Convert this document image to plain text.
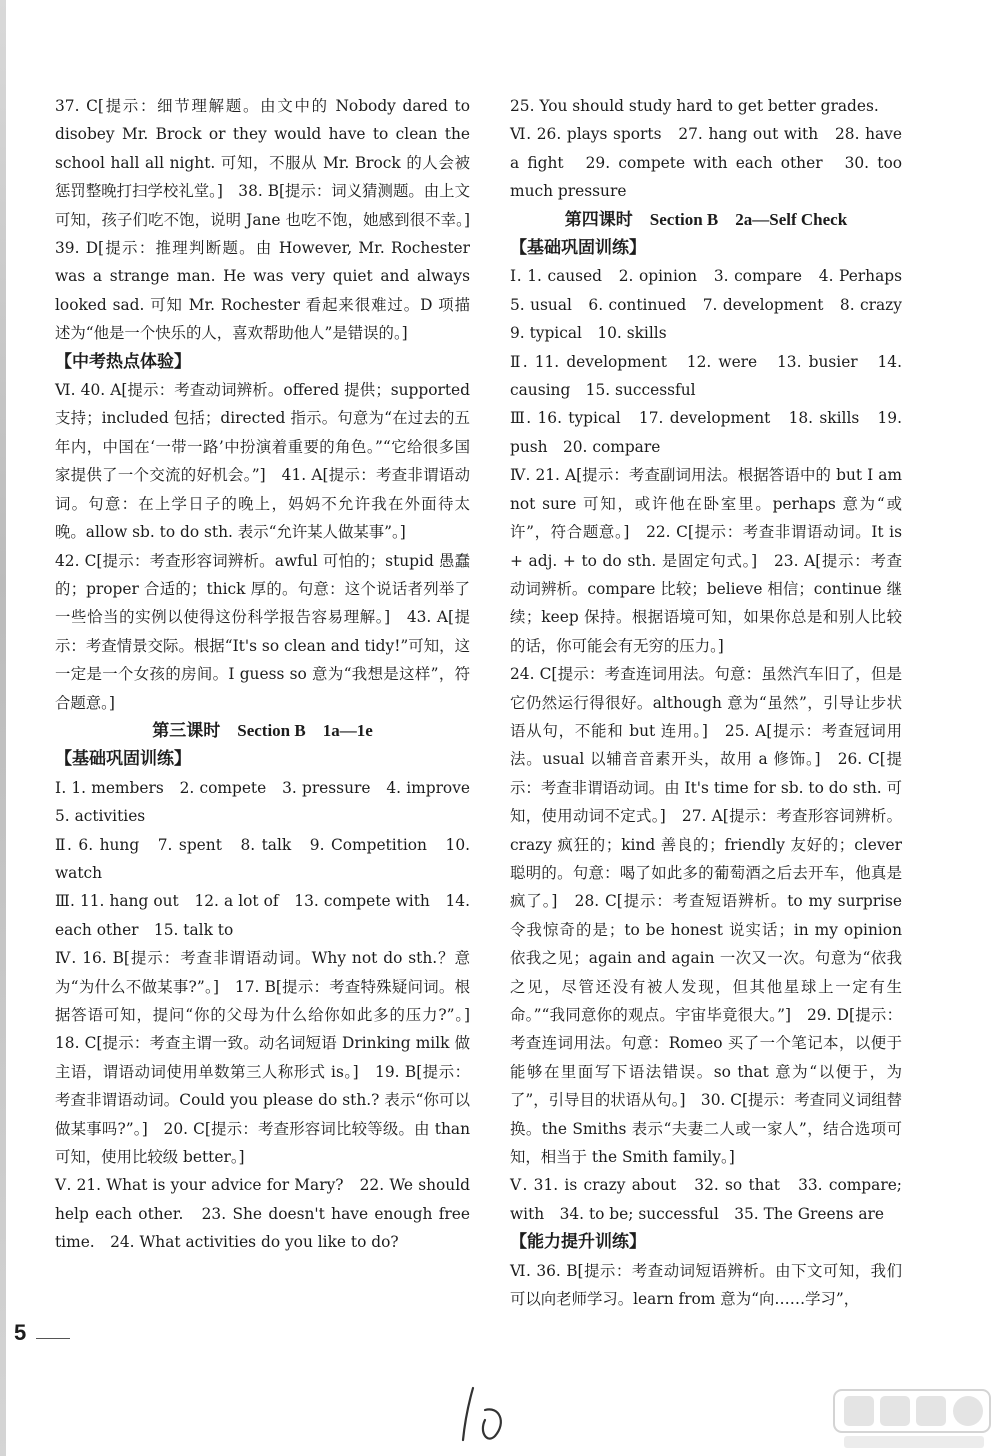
37. C[提示：细节理解题。由文中的 Nobody dared to disobey Mr. Brock or they would have to clean the school hall all night. 可知，不服从 Mr. Brock 的人会被惩罚整晚打扫学校礼堂。]　38. B[提示：词义猜测题。由上文可知，孩子们吃不饱，说明 Jane 也吃不饱，她感到很不幸。]　39. D[提示：推理判断题。由 However, Mr. Rochester was a strange man. He was very quiet and always looked sad. 可知 Mr. Rochester 看起来很难过。D 项描述为“他是一个快乐的人，喜欢帮助他人”是错误的。]

【中考热点体验】

Ⅵ. 40. A[提示：考查动词辨析。offered 提供；supported 支持；included 包括；directed 指示。句意为“在过去的五年内，中国在‘一带一路’中扮演着重要的角色。”“它给很多国家提供了一个交流的好机会。”]　41. A[提示：考查非谓语动词。句意：在上学日子的晚上，妈妈不允许我在外面待太晚。allow sb. to do sth. 表示“允许某人做某事”。]

42. C[提示：考查形容词辨析。awful 可怕的；stupid 愚蠢的；proper 合适的；thick 厚的。句意：这个说话者列举了一些恰当的实例以使得这份科学报告容易理解。]　43. A[提示：考查情景交际。根据“It's so clean and tidy!”可知，这一定是一个女孩的房间。I guess so 意为“我想是这样”，符合题意。]

第三课时　Section B　1a—1e
【基础巩固训练】

Ⅰ. 1. members　2. compete　3. pressure　4. improve　5. activities

Ⅱ. 6. hung　7. spent　8. talk　9. Competition　10. watch

Ⅲ. 11. hang out　12. a lot of　13. compete with　14. each other　15. talk to

Ⅳ. 16. B[提示：考查非谓语动词。Why not do sth.？意为“为什么不做某事?”。]　17. B[提示：考查特殊疑问词。根据答语可知，提问“你的父母为什么给你如此多的压力?”。]　18. C[提示：考查主谓一致。动名词短语 Drinking milk 做主语，谓语动词使用单数第三人称形式 is。]　19. B[提示：考查非谓语动词。Could you please do sth.? 表示“你可以做某事吗?”。]　20. C[提示：考查形容词比较等级。由 than 可知，使用比较级 better。]

Ⅴ. 21. What is your advice for Mary?　22. We should help each other.　23. She doesn't have enough free time.　24. What activities do you like to do?

25. You should study hard to get better grades.

Ⅵ. 26. plays sports　27. hang out with　28. have a fight　29. compete with each other　30. too much pressure

第四课时　Section B　2a—Self Check
【基础巩固训练】

Ⅰ. 1. caused　2. opinion　3. compare　4. Perhaps　5. usual　6. continued　7. development　8. crazy　9. typical　10. skills

Ⅱ. 11. development　12. were　13. busier　14. causing　15. successful

Ⅲ. 16. typical　17. development　18. skills　19. push　20. compare

Ⅳ. 21. A[提示：考查副词用法。根据答语中的 but I am not sure 可知，或许他在卧室里。perhaps 意为“或许”，符合题意。]　22. C[提示：考查非谓语动词。It is + adj. + to do sth. 是固定句式。]　23. A[提示：考查动词辨析。compare 比较；believe 相信；continue 继续；keep 保持。根据语境可知，如果你总是和别人比较的话，你可能会有无穷的压力。]

24. C[提示：考查连词用法。句意：虽然汽车旧了，但是它仍然运行得很好。although 意为“虽然”，引导让步状语从句，不能和 but 连用。]　25. A[提示：考查冠词用法。usual 以辅音音素开头，故用 a 修饰。]　26. C[提示：考查非谓语动词。由 It's time for sb. to do sth. 可知，使用动词不定式。]　27. A[提示：考查形容词辨析。crazy 疯狂的；kind 善良的；friendly 友好的；clever 聪明的。句意：喝了如此多的葡萄酒之后去开车，他真是疯了。]　28. C[提示：考查短语辨析。to my surprise 令我惊奇的是；to be honest 说实话；in my opinion 依我之见；again and again 一次又一次。句意为“依我之见，尽管还没有被人发现，但其他星球上一定有生命。”“我同意你的观点。宇宙毕竟很大。”]　29. D[提示：考查连词用法。句意：Romeo 买了一个笔记本，以便于能够在里面写下语法错误。so that 意为“以便于，为了”，引导目的状语从句。]　30. C[提示：考查同义词组替换。the Smiths 表示“夫妻二人或一家人”，结合选项可知，相当于 the Smith family。]

Ⅴ. 31. is crazy about　32. so that　33. compare; with　34. to be; successful　35. The Greens are

【能力提升训练】

Ⅵ. 36. B[提示：考查动词短语辨析。由下文可知，我们可以向老师学习。learn from 意为“向……学习”，

5
